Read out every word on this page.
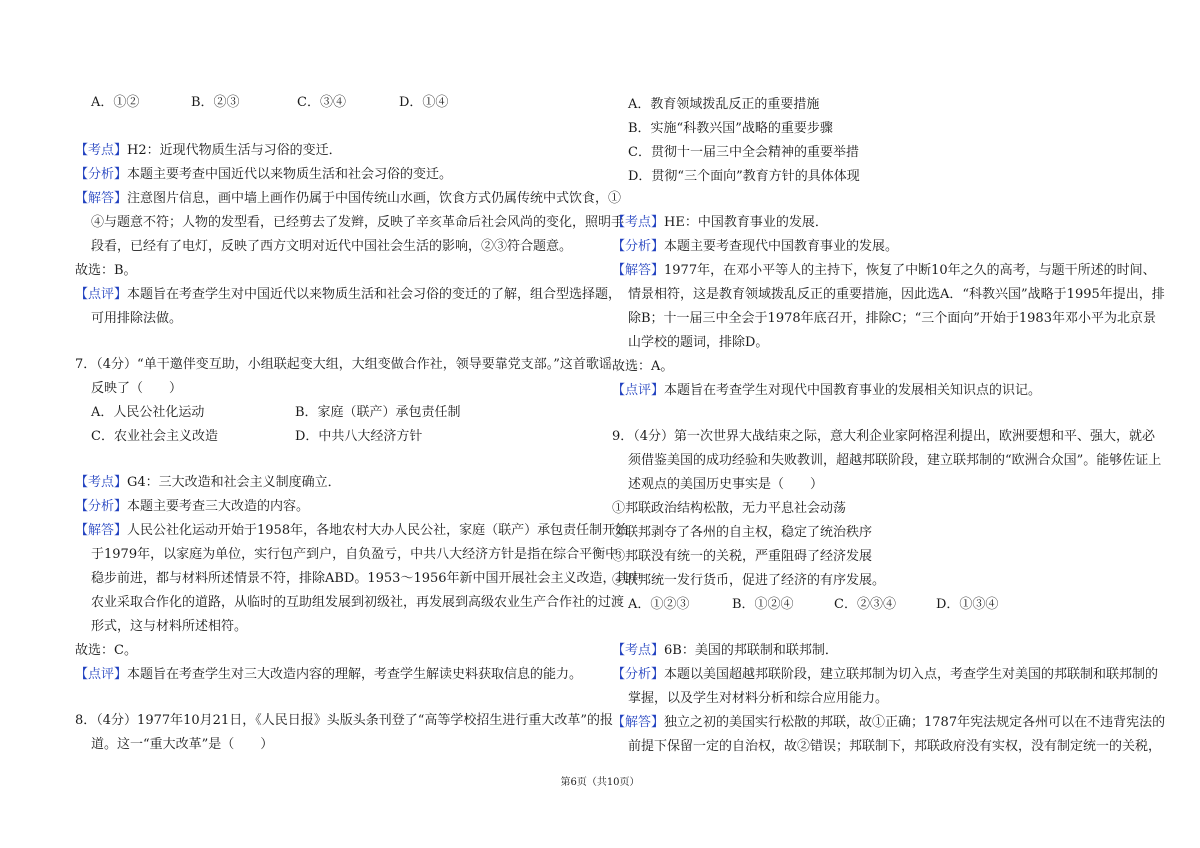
A．①②	B．②③	C．③④	D．①④
【考点】H2：近现代物质生活与习俗的变迁．
【分析】本题主要考查中国近代以来物质生活和社会习俗的变迁。
【解答】注意图片信息，画中墙上画作仍属于中国传统山水画，饮食方式仍属传统中式饮食，①
④与题意不符；人物的发型看，已经剪去了发辫，反映了辛亥革命后社会风尚的变化，照明手
段看，已经有了电灯，反映了西方文明对近代中国社会生活的影响，②③符合题意。
故选：B。
【点评】本题旨在考查学生对中国近代以来物质生活和社会习俗的变迁的了解，组合型选择题，
可用排除法做。
7．（4分）“单干邀伴变互助，小组联起变大组，大组变做合作社，领导要靠党支部。”这首歌谣
反映了（　　）
A．人民公社化运动	B．家庭（联产）承包责任制
C．农业社会主义改造	D．中共八大经济方针
【考点】G4：三大改造和社会主义制度确立．
【分析】本题主要考查三大改造的内容。
【解答】人民公社化运动开始于1958年，各地农村大办人民公社，家庭（联产）承包责任制开始
于1979年，以家庭为单位，实行包产到户，自负盈亏，中共八大经济方针是指在综合平衡中
稳步前进，都与材料所述情景不符，排除ABD。1953～1956年新中国开展社会主义改造，其中
农业采取合作化的道路，从临时的互助组发展到初级社，再发展到高级农业生产合作社的过渡
形式，这与材料所述相符。
故选：C。
【点评】本题旨在考查学生对三大改造内容的理解，考查学生解读史料获取信息的能力。
8．（4分）1977年10月21日，《人民日报》头版头条刊登了“高等学校招生进行重大改革”的报
道。这一“重大改革”是（　　）
A．教育领域拨乱反正的重要措施
B．实施“科教兴国”战略的重要步骤
C．贯彻十一届三中全会精神的重要举措
D．贯彻“三个面向”教育方针的具体体现
【考点】HE：中国教育事业的发展．
【分析】本题主要考查现代中国教育事业的发展。
【解答】1977年，在邓小平等人的主持下，恢复了中断10年之久的高考，与题干所述的时间、
情景相符，这是教育领域拨乱反正的重要措施，因此选A．“科教兴国”战略于1995年提出，排
除B；十一届三中全会于1978年底召开，排除C；“三个面向”开始于1983年邓小平为北京景
山学校的题词，排除D。
故选：A。
【点评】本题旨在考查学生对现代中国教育事业的发展相关知识点的识记。
9．（4分）第一次世界大战结束之际，意大利企业家阿格涅利提出，欧洲要想和平、强大，就必
须借鉴美国的成功经验和失败教训，超越邦联阶段，建立联邦制的“欧洲合众国”。能够佐证上
述观点的美国历史事实是（　　）
①邦联政治结构松散，无力平息社会动荡
②联邦剥夺了各州的自主权，稳定了统治秩序
③邦联没有统一的关税，严重阻碍了经济发展
④联邦统一发行货币，促进了经济的有序发展。
A．①②③	B．①②④	C．②③④	D．①③④
【考点】6B：美国的邦联制和联邦制．
【分析】本题以美国超越邦联阶段，建立联邦制为切入点，考查学生对美国的邦联制和联邦制的
掌握，以及学生对材料分析和综合应用能力。
【解答】独立之初的美国实行松散的邦联，故①正确；1787年宪法规定各州可以在不违背宪法的
前提下保留一定的自治权，故②错误；邦联制下，邦联政府没有实权，没有制定统一的关税，
第6页（共10页）
